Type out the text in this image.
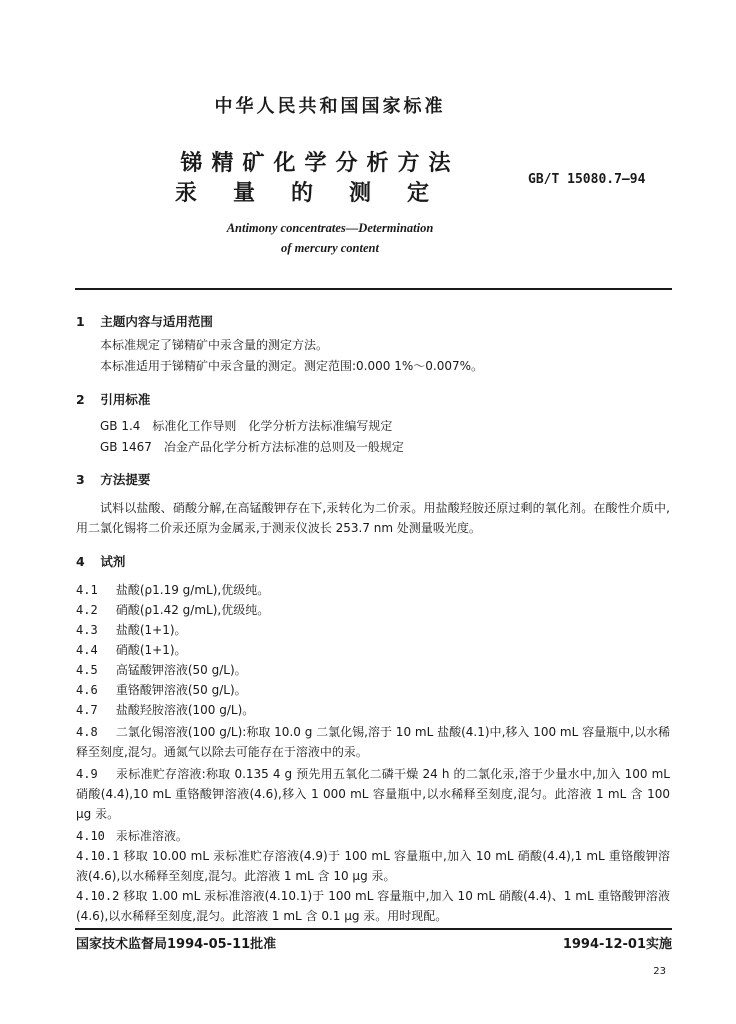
中华人民共和国国家标准
锑精矿化学分析方法
汞量的测定
GB/T 15080.7—94
Antimony concentrates—Determination
of mercury content
1 主题内容与适用范围
本标准规定了锑精矿中汞含量的测定方法。
本标准适用于锑精矿中汞含量的测定。测定范围:0.000 1%～0.007%。
2 引用标准
GB 1.4　标准化工作导则　化学分析方法标准编写规定
GB 1467　冶金产品化学分析方法标准的总则及一般规定
3 方法提要
试料以盐酸、硝酸分解,在高锰酸钾存在下,汞转化为二价汞。用盐酸羟胺还原过剩的氧化剂。在酸性介质中,用二氯化锡将二价汞还原为金属汞,于测汞仪波长 253.7 nm 处测量吸光度。
4 试剂
4.1 盐酸(ρ1.19 g/mL),优级纯。
4.2 硝酸(ρ1.42 g/mL),优级纯。
4.3 盐酸(1+1)。
4.4 硝酸(1+1)。
4.5 高锰酸钾溶液(50 g/L)。
4.6 重铬酸钾溶液(50 g/L)。
4.7 盐酸羟胺溶液(100 g/L)。
4.8 二氯化锡溶液(100 g/L):称取 10.0 g 二氯化锡,溶于 10 mL 盐酸(4.1)中,移入 100 mL 容量瓶中,以水稀释至刻度,混匀。通氮气以除去可能存在于溶液中的汞。
4.9 汞标准贮存溶液:称取 0.135 4 g 预先用五氧化二磷干燥 24 h 的二氯化汞,溶于少量水中,加入 100 mL 硝酸(4.4),10 mL 重铬酸钾溶液(4.6),移入 1 000 mL 容量瓶中,以水稀释至刻度,混匀。此溶液 1 mL 含 100 μg 汞。
4.10 汞标准溶液。
4.10.1 移取 10.00 mL 汞标准贮存溶液(4.9)于 100 mL 容量瓶中,加入 10 mL 硝酸(4.4),1 mL 重铬酸钾溶液(4.6),以水稀释至刻度,混匀。此溶液 1 mL 含 10 μg 汞。
4.10.2 移取 1.00 mL 汞标准溶液(4.10.1)于 100 mL 容量瓶中,加入 10 mL 硝酸(4.4)、1 mL 重铬酸钾溶液(4.6),以水稀释至刻度,混匀。此溶液 1 mL 含 0.1 μg 汞。用时现配。
国家技术监督局1994-05-11批准	1994-12-01实施
23
